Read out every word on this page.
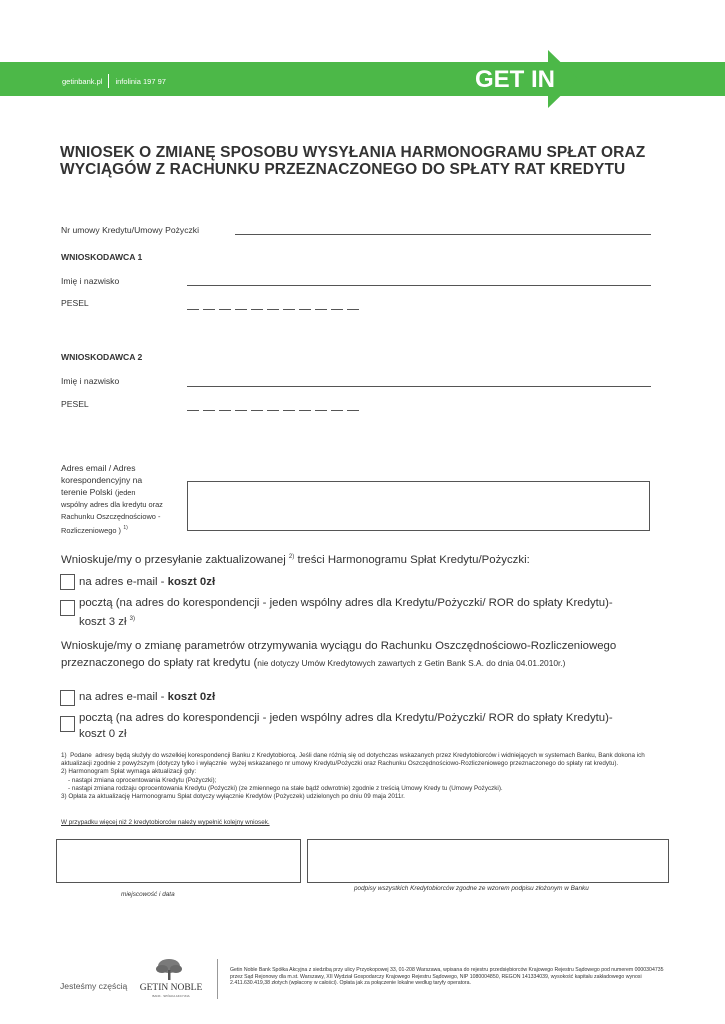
getinbank.pl infolinia 197 97	GET IN BANK
WNIOSEK O ZMIANĘ SPOSOBU WYSYŁANIA HARMONOGRAMU SPŁAT ORAZ WYCIĄGÓW Z RACHUNKU PRZEZNACZONEGO DO SPŁATY RAT KREDYTU
Nr umowy Kredytu/Umowy Pożyczki
WNIOSKODAWCA 1
Imię i nazwisko
PESEL
WNIOSKODAWCA 2
Imię i nazwisko
PESEL
Adres email / Adres korespondencyjny na terenie Polski (jeden wspólny adres dla kredytu oraz Rachunku Oszczędnościowo - Rozliczeniowego ) $^{1)}$
Wnioskuje/my o przesyłanie zaktualizowanej $^{2)}$ treści Harmonogramu Spłat Kredytu/Pożyczki:
na adres e-mail - koszt 0zł
pocztą (na adres do korespondencji - jeden wspólny adres dla Kredytu/Pożyczki/ ROR do spłaty Kredytu)- koszt 3 zł $^{3)}$
Wnioskuje/my o zmianę parametrów otrzymywania wyciągu do Rachunku Oszczędnościowo-Rozliczeniowego przeznaczonego do spłaty rat kredytu (nie dotyczy Umów Kredytowych zawartych z Getin Bank S.A. do dnia 04.01.2010r.)
na adres e-mail - koszt 0zł
pocztą (na adres do korespondencji - jeden wspólny adres dla Kredytu/Pożyczki/ ROR do spłaty Kredytu)- koszt 0 zł
1)  Podane  adresy będą służyły do wszelkiej korespondencji Banku z Kredytobiorcą. Jeśli dane różnią się od dotychczas wskazanych przez Kredytobiorców i widniejących w systemach Banku, Bank dokona ich aktualizacji zgodnie z powyższym (dotyczy tylko i wyłącznie  wyżej wskazanego nr umowy Kredytu/Pożyczki oraz Rachunku Oszczędnościowo-Rozliczeniowego przeznaczonego do spłaty rat kredytu).
2) Harmonogram Spłat wymaga aktualizacji gdy:
- nastąpi zmiana oprocentowania Kredytu (Pożyczki);
- nastąpi zmiana rodzaju oprocentowania Kredytu (Pożyczki) (ze zmiennego na stałe bądź odwrotnie) zgodnie z treścią Umowy Kredy tu (Umowy Pożyczki).
3) Opłata za aktualizację Harmonogramu Spłat dotyczy wyłącznie Kredytów (Pożyczek) udzielonych po dniu 09 maja 2011r.
W przypadku więcej niż 2 kredytobiorców należy wypełnić kolejny wniosek.
miejscowość i data
podpisy wszystkich Kredytobiorców zgodne ze wzorem podpisu złożonym w Banku
Jesteśmy częścią GETIN NOBLE
BANK · SPÓŁKA AKCYJNA
Getin Noble Bank Spółka Akcyjna z siedzibą przy ulicy Przyokopowej 33, 01-208 Warszawa, wpisana do rejestru przedsiębiorców Krajowego Rejestru Sądowego pod numerem 0000304735 przez Sąd Rejonowy dla m.st. Warszawy, XII Wydział Gospodarczy Krajowego Rejestru Sądowego, NIP 1080004850, REGON 141334039, wysokość kapitału zakładowego wynosi 2.411.630.419,38 złotych (wpłacony w całości). Opłata jak za połączenie lokalne według taryfy operatora.
